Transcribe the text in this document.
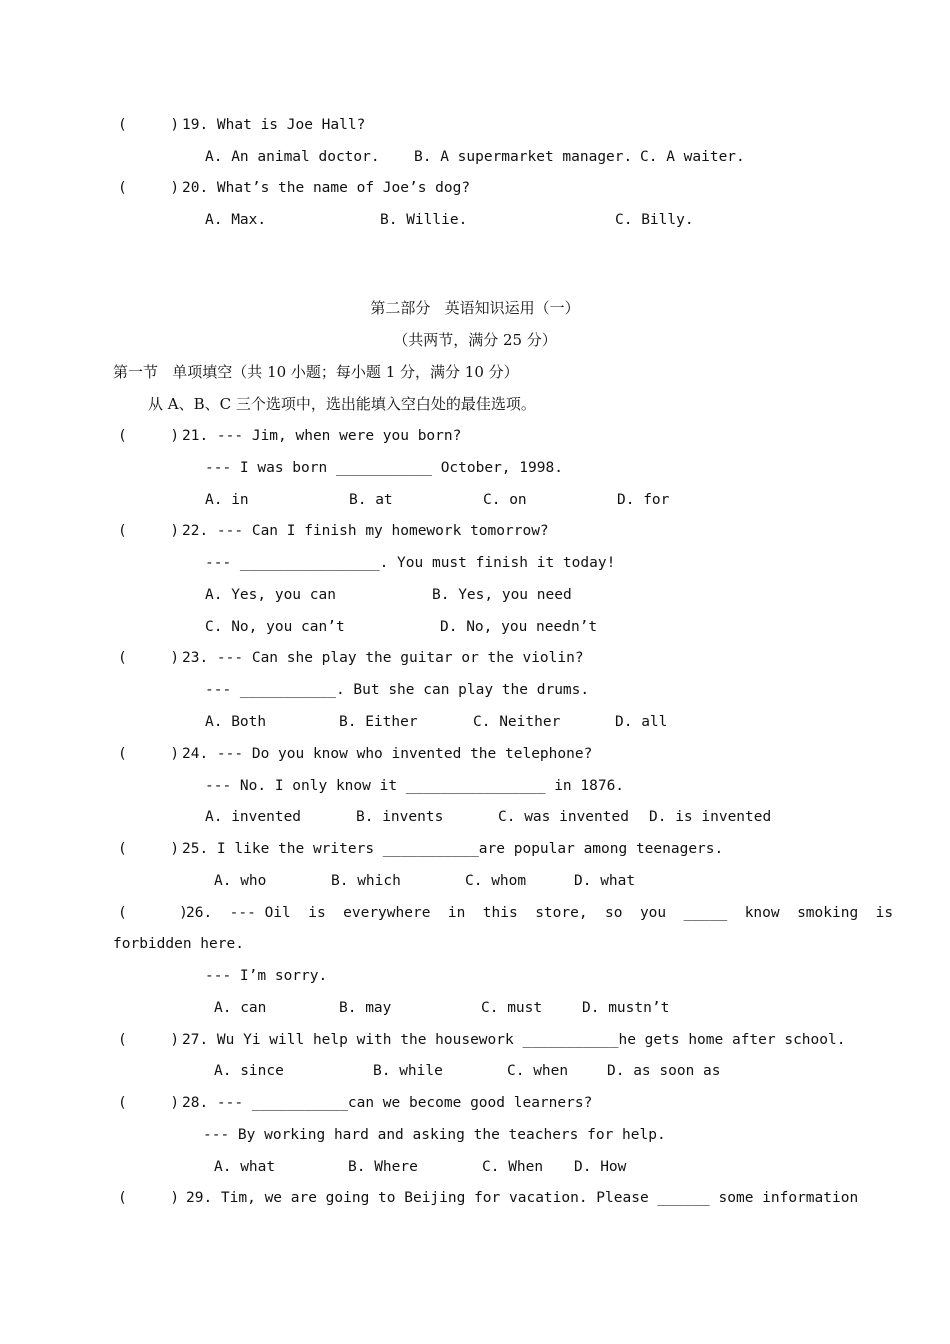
(     ) 19. What is Joe Hall?
A. An animal doctor. B. A supermarket manager. C. A waiter.
(     ) 20. What’s the name of Joe’s dog?
A. Max.	B. Willie.	C. Billy.
第二部分   英语知识运用（一）
（共两节，满分 25 分）
第一节   单项填空（共 10 小题；每小题 1 分，满分 10 分）
从 A、B、C 三个选项中，选出能填入空白处的最佳选项。
(     ) 21. --- Jim, when were you born?
--- I was born ___________ October, 1998.
A. in	B. at	C. on	D. for
(     ) 22. --- Can I finish my homework tomorrow?
--- ________________. You must finish it today!
A. Yes, you can	B. Yes, you need
C. No, you can’t	D. No, you needn’t
(     ) 23. --- Can she play the guitar or the violin?
--- ___________. But she can play the drums.
A. Both	B. Either	C. Neither	D. all
(     ) 24. --- Do you know who invented the telephone?
--- No. I only know it ________________ in 1876.
A. invented	B. invents	C. was invented D. is invented
(     ) 25. I like the writers ___________are popular among teenagers.
A. who	B. which	C. whom	D. what
(      )
26.  --- Oil  is  everywhere  in  this  store,  so  you  _____  know  smoking  is
forbidden here.
--- I’m sorry.
A. can	B. may	C. must	D. mustn’t
(     ) 27. Wu Yi will help with the housework ___________he gets home after school.
A. since	B. while	C. when	D. as soon as
(     ) 28. --- ___________can we become good learners?
--- By working hard and asking the teachers for help.
A. what	B. Where	C. When D. How
(     ) 29. Tim, we are going to Beijing for vacation. Please ______ some information
